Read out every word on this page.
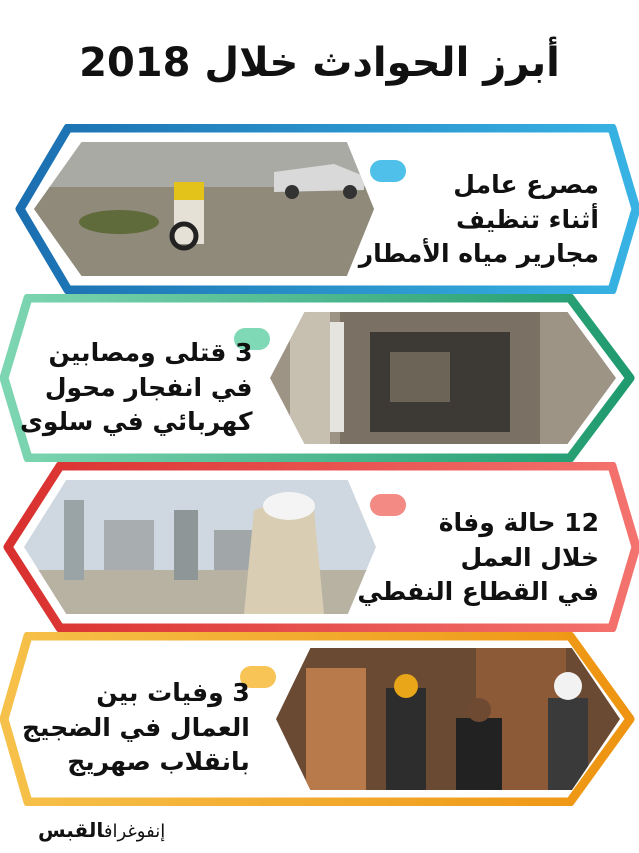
أبرز الحوادث خلال 2018
مصرع عامل
أثناء تنظيف
مجارير مياه الأمطار
3 قتلى ومصابين
في انفجار محول
كهربائي في سلوى
12 حالة وفاة
خلال العمل
في القطاع النفطي
3 وفيات بين
العمال في الضجيج
بانقلاب صهريج
إنفوغرافالقبس
